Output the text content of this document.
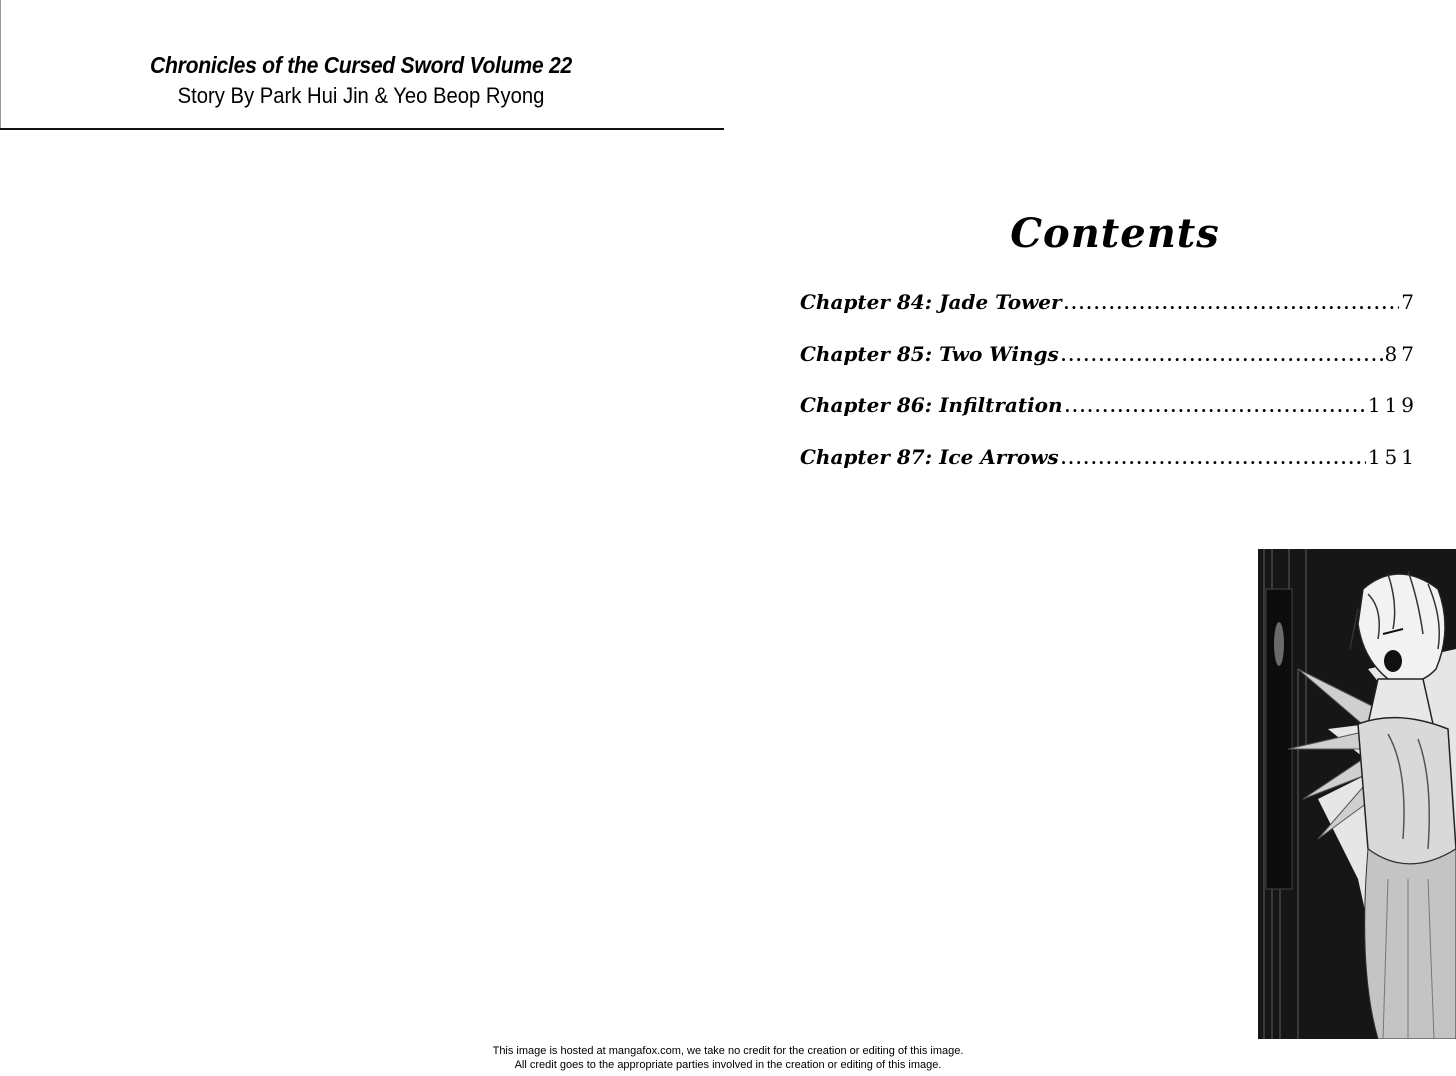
Chronicles of the Cursed Sword Volume 22
Story By Park Hui Jin & Yeo Beop Ryong
Contents
Chapter 84: Jade Tower .....	7
Chapter 85: Two Wings .....	87
Chapter 86: Infiltration .....	119
Chapter 87: Ice Arrows .....	151
This image is hosted at mangafox.com, we take no credit for the creation or editing of this image.
All credit goes to the appropriate parties involved in the creation or editing of this image.
